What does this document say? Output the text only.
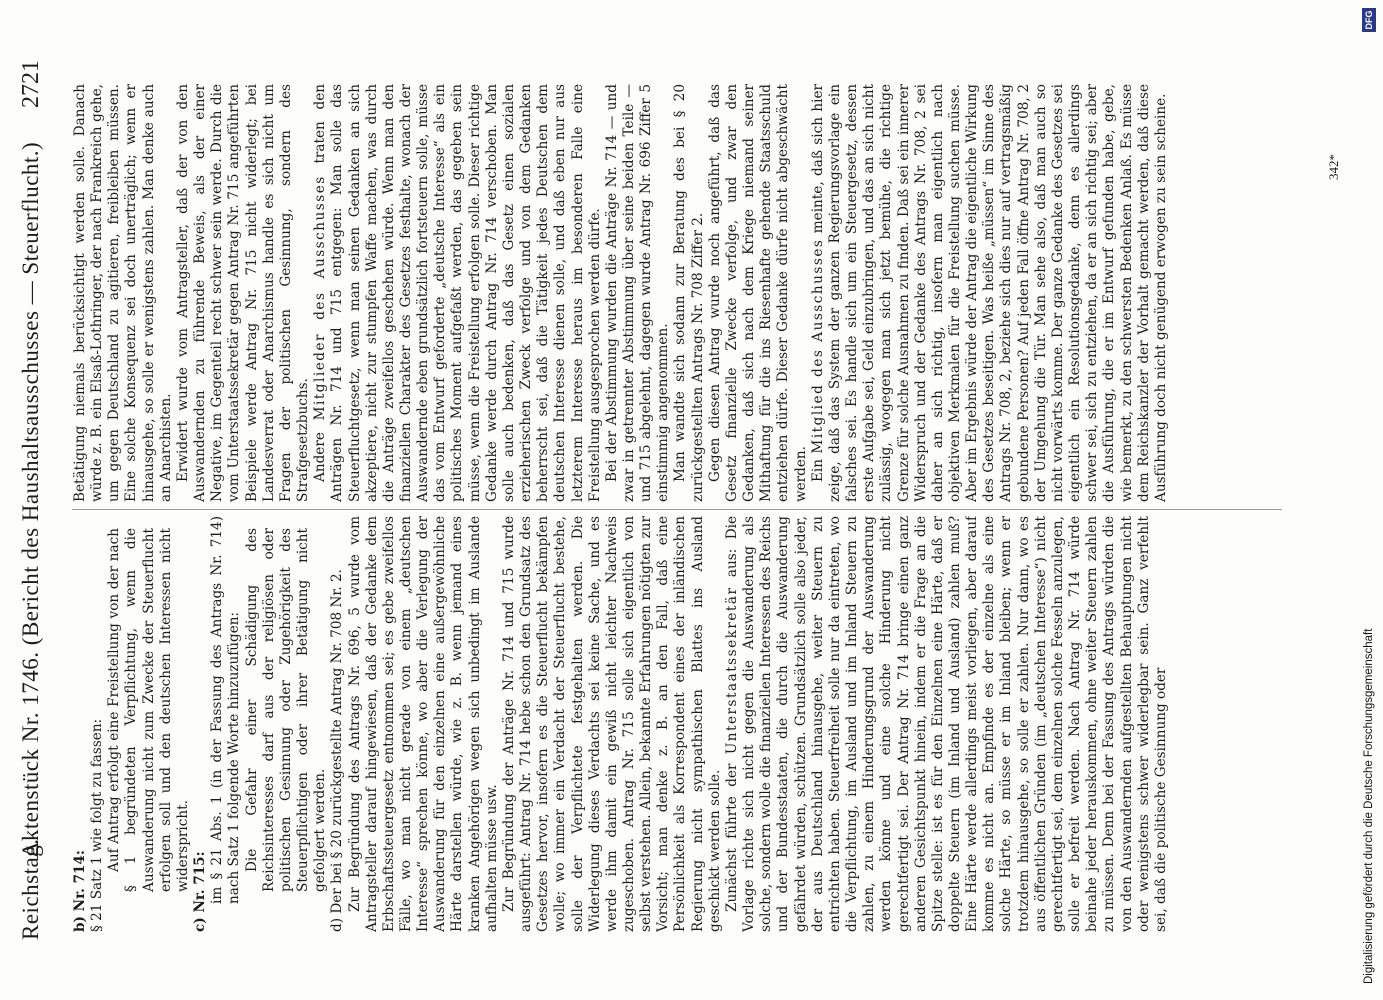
Reichstag.
Aktenstück Nr. 1746. (Bericht des Haushaltsausschusses — Steuerflucht.)
2721

b) Nr. 714: § 21 Satz 1 wie folgt zu fassen: Auf Antrag erfolgt eine Freistellung von der nach § 1 begründeten Verpflichtung, wenn die Auswanderung nicht zum Zwecke der Steuerflucht erfolgen soll und den deutschen Interessen nicht widerspricht. c) Nr. 715: im § 21 Abs. 1 (in der Fassung des Antrags Nr. 714) nach Satz 1 folgende Worte hinzuzufügen: Die Gefahr einer Schädigung des Reichsinteresses darf aus der religiösen oder politischen Gesinnung oder Zugehörigkeit des Steuerpflichtigen oder ihrer Betätigung nicht gefolgert werden. d) Der bei § 20 zurückgestellte Antrag Nr. 708 Nr. 2. Zur Begründung des Antrags Nr. 696, 5 wurde vom Antragsteller darauf hingewiesen, daß der Gedanke dem Erbschaftssteuergesetz entnommen sei; es gebe zweifellos Fälle, wo man nicht gerade von einem „deutschen Interesse“ sprechen könne, wo aber die Verlegung der Auswanderung für den einzelnen eine außergewöhnliche Härte darstellen würde, wie z. B. wenn jemand eines kranken Angehörigen wegen sich unbedingt im Auslande aufhalten müsse usw. Zur Begründung der Anträge Nr. 714 und 715 wurde ausgeführt: Antrag Nr. 714 hebe schon den Grundsatz des Gesetzes hervor, insofern es die Steuerflucht bekämpfen wolle; wo immer ein Verdacht der Steuerflucht bestehe, solle der Verpflichtete festgehalten werden. Die Widerlegung dieses Verdachts sei keine Sache, und es werde ihm damit ein gewiß nicht leichter Nachweis zugeschoben. Antrag Nr. 715 solle sich eigentlich von selbst verstehen. Allein, bekannte Erfahrungen nötigten zur Vorsicht; man denke z. B. an den Fall, daß eine Persönlichkeit als Korrespondent eines der inländischen Regierung nicht sympathischen Blattes ins Ausland geschickt werden solle. Zunächst führte der Unterstaatssekretär aus: Die Vorlage richte sich nicht gegen die Auswanderung als solche, sondern wolle die finanziellen Interessen des Reichs und der Bundesstaaten, die durch die Auswanderung gefährdet würden, schützen. Grundsätzlich solle also jeder, der aus Deutschland hinausgehe, weiter Steuern zu entrichten haben. Steuerfreiheit solle nur da eintreten, wo die Verpflichtung, im Ausland und im Inland Steuern zu zahlen, zu einem Hinderungsgrund der Auswanderung werden könne und eine solche Hinderung nicht gerechtfertigt sei. Der Antrag Nr. 714 bringe einen ganz anderen Gesichtspunkt hinein, indem er die Frage an die Spitze stelle: ist es für den Einzelnen eine Härte, daß er doppelte Steuern (im Inland und Ausland) zahlen muß? Eine Härte werde allerdings meist vorliegen, aber darauf komme es nicht an. Empfinde es der einzelne als eine solche Härte, so müsse er im Inland bleiben; wenn er trotzdem hinausgehe, so solle er zahlen. Nur dann, wo es aus öffentlichen Gründen (im „deutschen Interesse“) nicht gerechtfertigt sei, dem einzelnen solche Fesseln anzulegen, solle er befreit werden. Nach Antrag Nr. 714 würde beinahe jeder herauskommen, ohne weiter Steuern zahlen zu müssen. Denn bei der Fassung des Antrags würden die von den Auswandernden aufgestellten Behauptungen nicht oder wenigstens schwer widerlegbar sein. Ganz verfehlt sei, daß die politische Gesinnung oder

Betätigung niemals berücksichtigt werden solle. Danach würde z. B. ein Elsaß-Lothringer, der nach Frankreich gehe, um gegen Deutschland zu agitieren, freibleiben müssen. Eine solche Konsequenz sei doch unerträglich; wenn er hinausgehe, so solle er wenigstens zahlen. Man denke auch an Anarchisten. Erwidert wurde vom Antragsteller, daß der von den Auswandernden zu führende Beweis, als der einer Negative, im Gegenteil recht schwer sein werde. Durch die vom Unterstaatssekretär gegen Antrag Nr. 715 angeführten Beispiele werde Antrag Nr. 715 nicht widerlegt; bei Landesverrat oder Anarchismus handle es sich nicht um Fragen der politischen Gesinnung, sondern des Strafgesetzbuchs. Andere Mitglieder des Ausschusses traten den Anträgen Nr. 714 und 715 entgegen: Man solle das Steuerfluchtgesetz, wenn man seinen Gedanken an sich akzeptiere, nicht zur stumpfen Waffe machen, was durch die Anträge zweifellos geschehen würde. Wenn man den finanziellen Charakter des Gesetzes festhalte, wonach der Auswandernde eben grundsätzlich fortsteuern solle, müsse das vom Entwurf geforderte „deutsche Interesse“ als ein politisches Moment aufgefaßt werden, das gegeben sein müsse, wenn die Freistellung erfolgen solle. Dieser richtige Gedanke werde durch Antrag Nr. 714 verschoben. Man solle auch bedenken, daß das Gesetz einen sozialen erzieherischen Zweck verfolge und von dem Gedanken beherrscht sei, daß die Tätigkeit jedes Deutschen dem deutschen Interesse dienen solle, und daß eben nur aus letzterem Interesse heraus im besonderen Falle eine Freistellung ausgesprochen werden dürfe. Bei der Abstimmung wurden die Anträge Nr. 714 — und zwar in getrennter Abstimmung über seine beiden Teile — und 715 abgelehnt, dagegen wurde Antrag Nr. 696 Ziffer 5 einstimmig angenommen. Man wandte sich sodann zur Beratung des bei § 20 zurückgestellten Antrags Nr. 708 Ziffer 2. Gegen diesen Antrag wurde noch angeführt, daß das Gesetz finanzielle Zwecke verfolge, und zwar den Gedanken, daß sich nach dem Kriege niemand seiner Mithaftung für die ins Riesenhafte gehende Staatsschuld entziehen dürfe. Dieser Gedanke dürfe nicht abgeschwächt werden. Ein Mitglied des Ausschusses meinte, daß sich hier zeige, daß das System der ganzen Regierungsvorlage ein falsches sei. Es handle sich um ein Steuergesetz, dessen erste Aufgabe sei, Geld einzubringen, und das an sich nicht zulässig, wogegen man sich jetzt bemühe, die richtige Grenze für solche Ausnahmen zu finden. Daß sei ein innerer Widerspruch und der Gedanke des Antrags Nr. 708, 2 sei daher an sich richtig, insofern man eigentlich nach objektiven Merkmalen für die Freistellung suchen müsse. Aber im Ergebnis würde der Antrag die eigentliche Wirkung des Gesetzes beseitigen. Was heiße „müssen“ im Sinne des Antrags Nr. 708, 2, beziehe sich dies nur auf vertragsmäßig gebundene Personen? Auf jeden Fall öffne Antrag Nr. 708, 2 der Umgehung die Tür. Man sehe also, daß man auch so nicht vorwärts komme. Der ganze Gedanke des Gesetzes sei eigentlich ein Resolutionsgedanke, denn es allerdings schwer sei, sich zu entziehen, da er an sich richtig sei; aber die Ausführung, die er im Entwurf gefunden habe, gebe, wie bemerkt, zu den schwersten Bedenken Anlaß. Es müsse dem Reichskanzler der Vorhalt gemacht werden, daß diese Ausführung doch nicht genügend erwogen zu sein scheine.	342*
Digitalisierung gefördert durch die Deutsche Forschungsgemeinschaft
DFG
